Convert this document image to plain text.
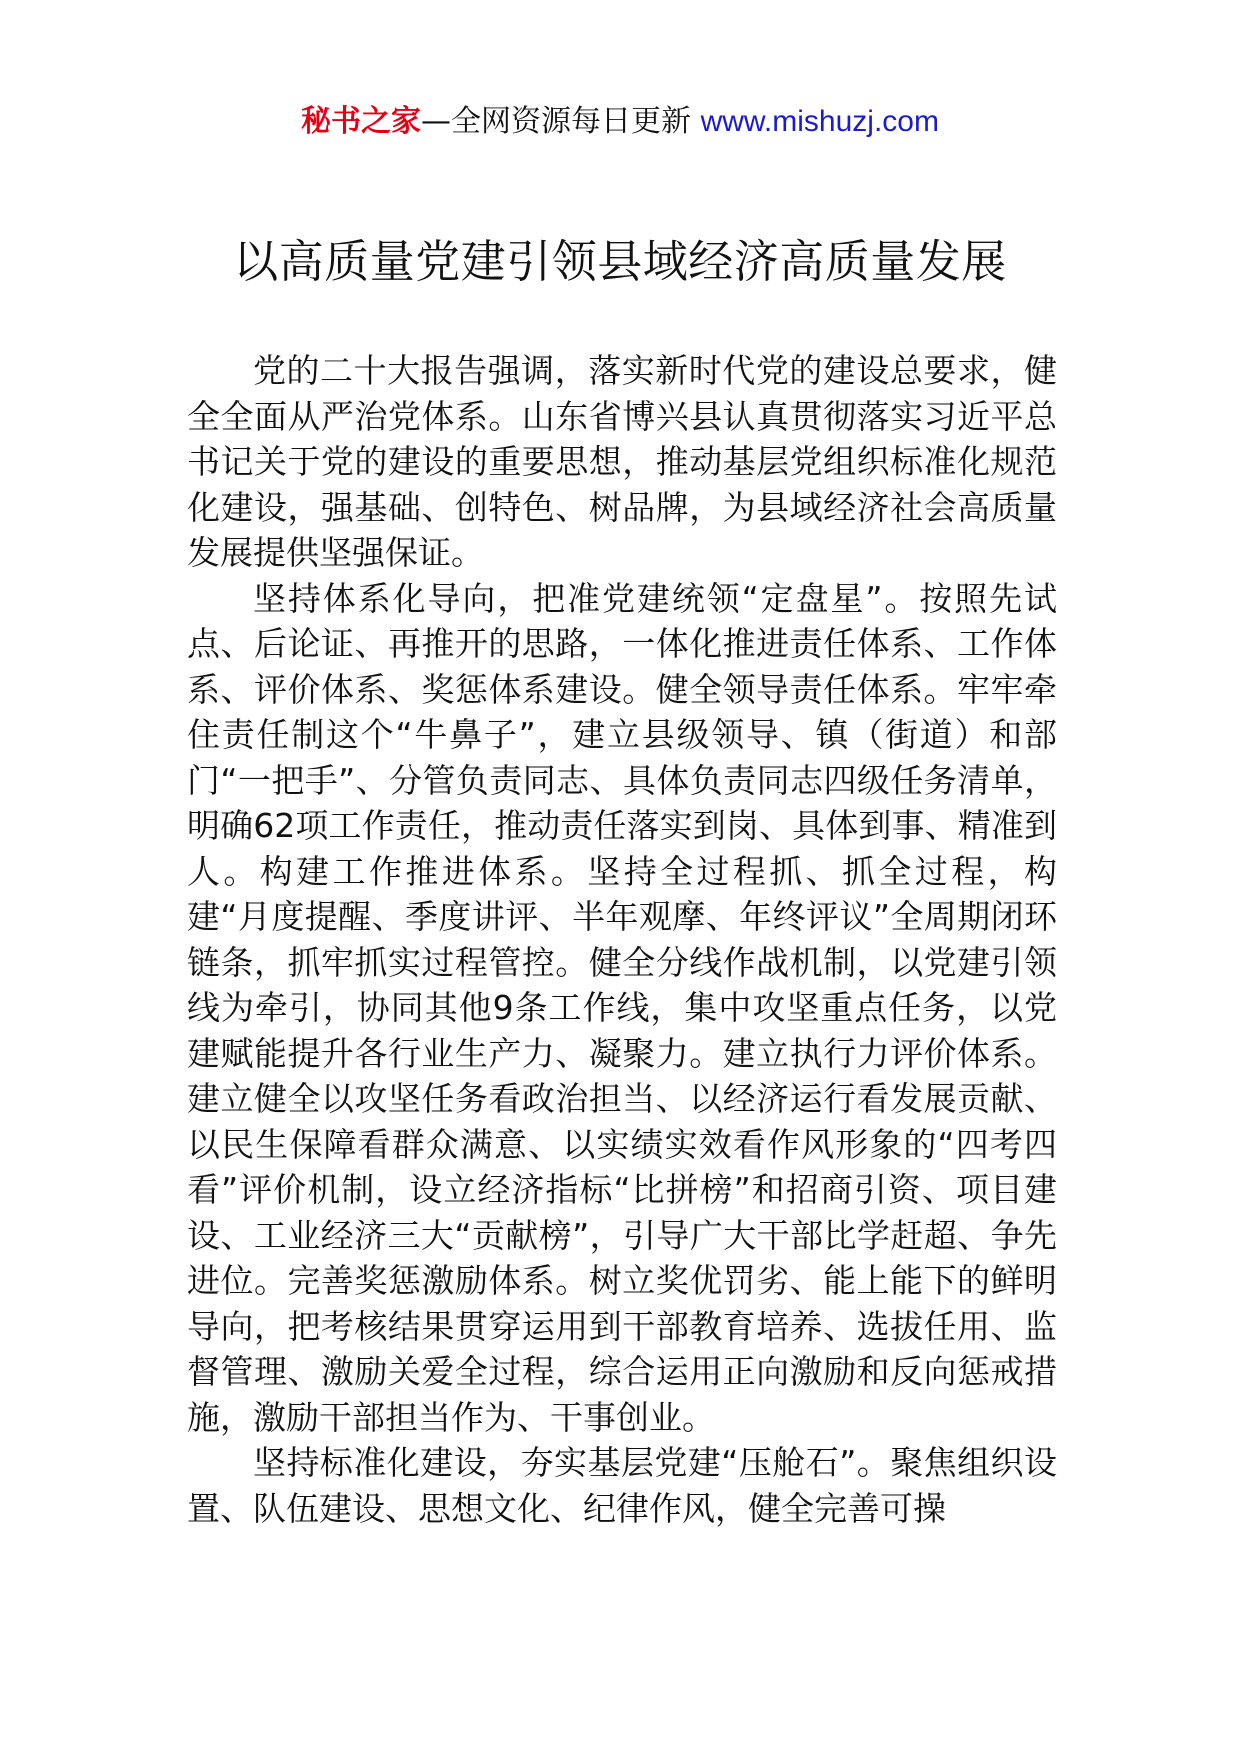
秘书之家—全网资源每日更新 www.mishuzj.com
以高质量党建引领县域经济高质量发展

党的二十大报告强调，落实新时代党的建设总要求，健全全面从严治党体系。山东省博兴县认真贯彻落实习近平总书记关于党的建设的重要思想，推动基层党组织标准化规范化建设，强基础、创特色、树品牌，为县域经济社会高质量发展提供坚强保证。

坚持体系化导向，把准党建统领“定盘星”。按照先试点、后论证、再推开的思路，一体化推进责任体系、工作体系、评价体系、奖惩体系建设。健全领导责任体系。牢牢牵住责任制这个“牛鼻子”，建立县级领导、镇（街道）和部门“一把手”、分管负责同志、具体负责同志四级任务清单，明确62项工作责任，推动责任落实到岗、具体到事、精准到人。构建工作推进体系。坚持全过程抓、抓全过程，构建“月度提醒、季度讲评、半年观摩、年终评议”全周期闭环链条，抓牢抓实过程管控。健全分线作战机制，以党建引领线为牵引，协同其他9条工作线，集中攻坚重点任务，以党建赋能提升各行业生产力、凝聚力。建立执行力评价体系。建立健全以攻坚任务看政治担当、以经济运行看发展贡献、以民生保障看群众满意、以实绩实效看作风形象的“四考四看”评价机制，设立经济指标“比拼榜”和招商引资、项目建设、工业经济三大“贡献榜”，引导广大干部比学赶超、争先进位。完善奖惩激励体系。树立奖优罚劣、能上能下的鲜明导向，把考核结果贯穿运用到干部教育培养、选拔任用、监督管理、激励关爱全过程，综合运用正向激励和反向惩戒措施，激励干部担当作为、干事创业。

坚持标准化建设，夯实基层党建“压舱石”。聚焦组织设置、队伍建设、思想文化、纪律作风，健全完善可操
